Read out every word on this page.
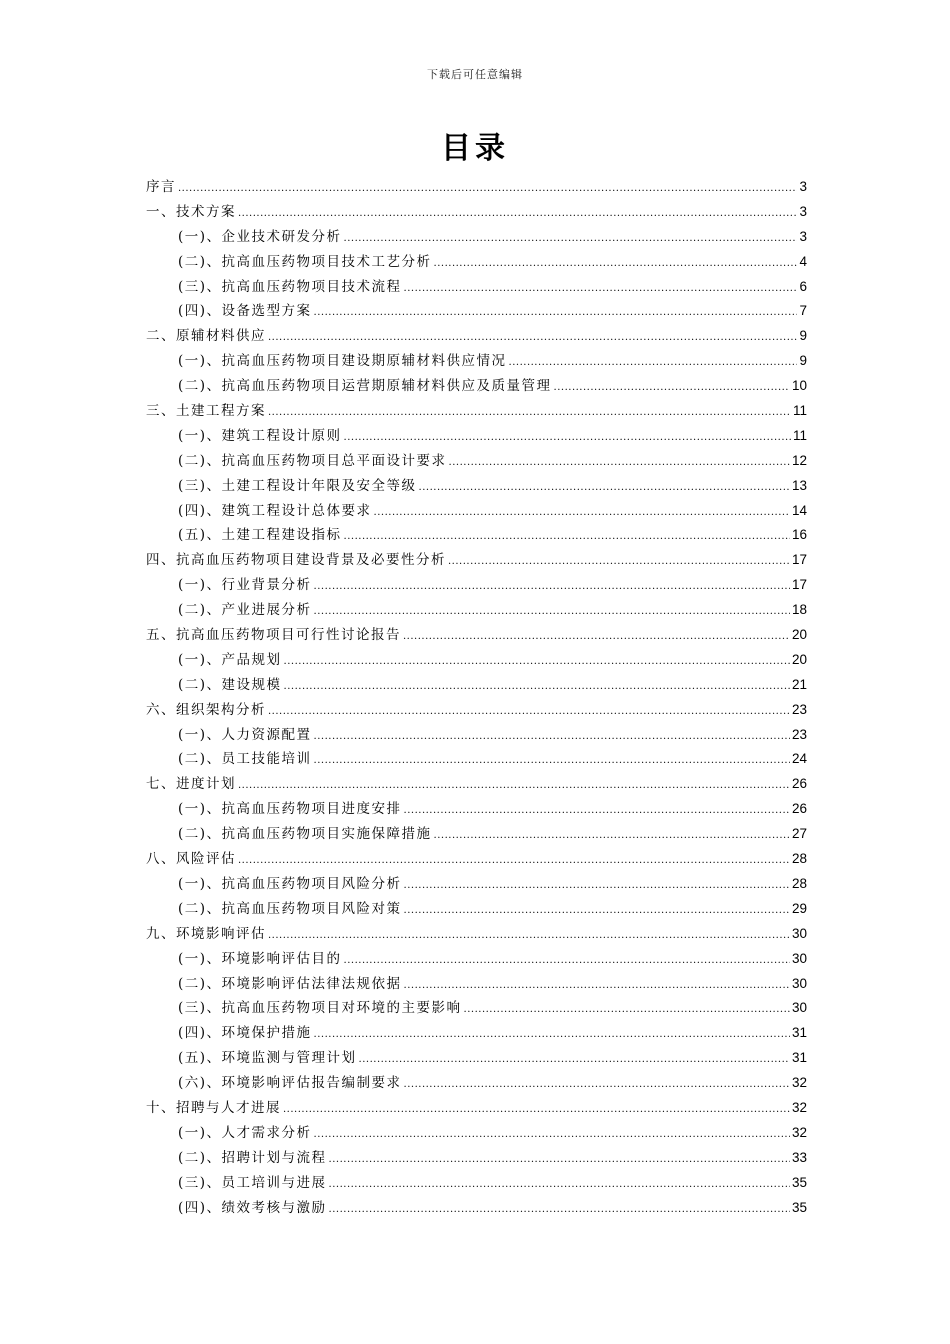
下载后可任意编辑
目录
序言 .....	3
一、技术方案 .....	3
(一)、企业技术研发分析 .....	3
(二)、抗高血压药物项目技术工艺分析 .....	4
(三)、抗高血压药物项目技术流程 .....	6
(四)、设备选型方案 .....	7
二、原辅材料供应 .....	9
(一)、抗高血压药物项目建设期原辅材料供应情况 .....	9
(二)、抗高血压药物项目运营期原辅材料供应及质量管理 .....	10
三、土建工程方案 .....	11
(一)、建筑工程设计原则 .....	11
(二)、抗高血压药物项目总平面设计要求 .....	12
(三)、土建工程设计年限及安全等级 .....	13
(四)、建筑工程设计总体要求 .....	14
(五)、土建工程建设指标 .....	16
四、抗高血压药物项目建设背景及必要性分析 .....	17
(一)、行业背景分析 .....	17
(二)、产业进展分析 .....	18
五、抗高血压药物项目可行性讨论报告 .....	20
(一)、产品规划 .....	20
(二)、建设规模 .....	21
六、组织架构分析 .....	23
(一)、人力资源配置 .....	23
(二)、员工技能培训 .....	24
七、进度计划 .....	26
(一)、抗高血压药物项目进度安排 .....	26
(二)、抗高血压药物项目实施保障措施 .....	27
八、风险评估 .....	28
(一)、抗高血压药物项目风险分析 .....	28
(二)、抗高血压药物项目风险对策 .....	29
九、环境影响评估 .....	30
(一)、环境影响评估目的 .....	30
(二)、环境影响评估法律法规依据 .....	30
(三)、抗高血压药物项目对环境的主要影响 .....	30
(四)、环境保护措施 .....	31
(五)、环境监测与管理计划 .....	31
(六)、环境影响评估报告编制要求 .....	32
十、招聘与人才进展 .....	32
(一)、人才需求分析 .....	32
(二)、招聘计划与流程 .....	33
(三)、员工培训与进展 .....	35
(四)、绩效考核与激励 .....	35
